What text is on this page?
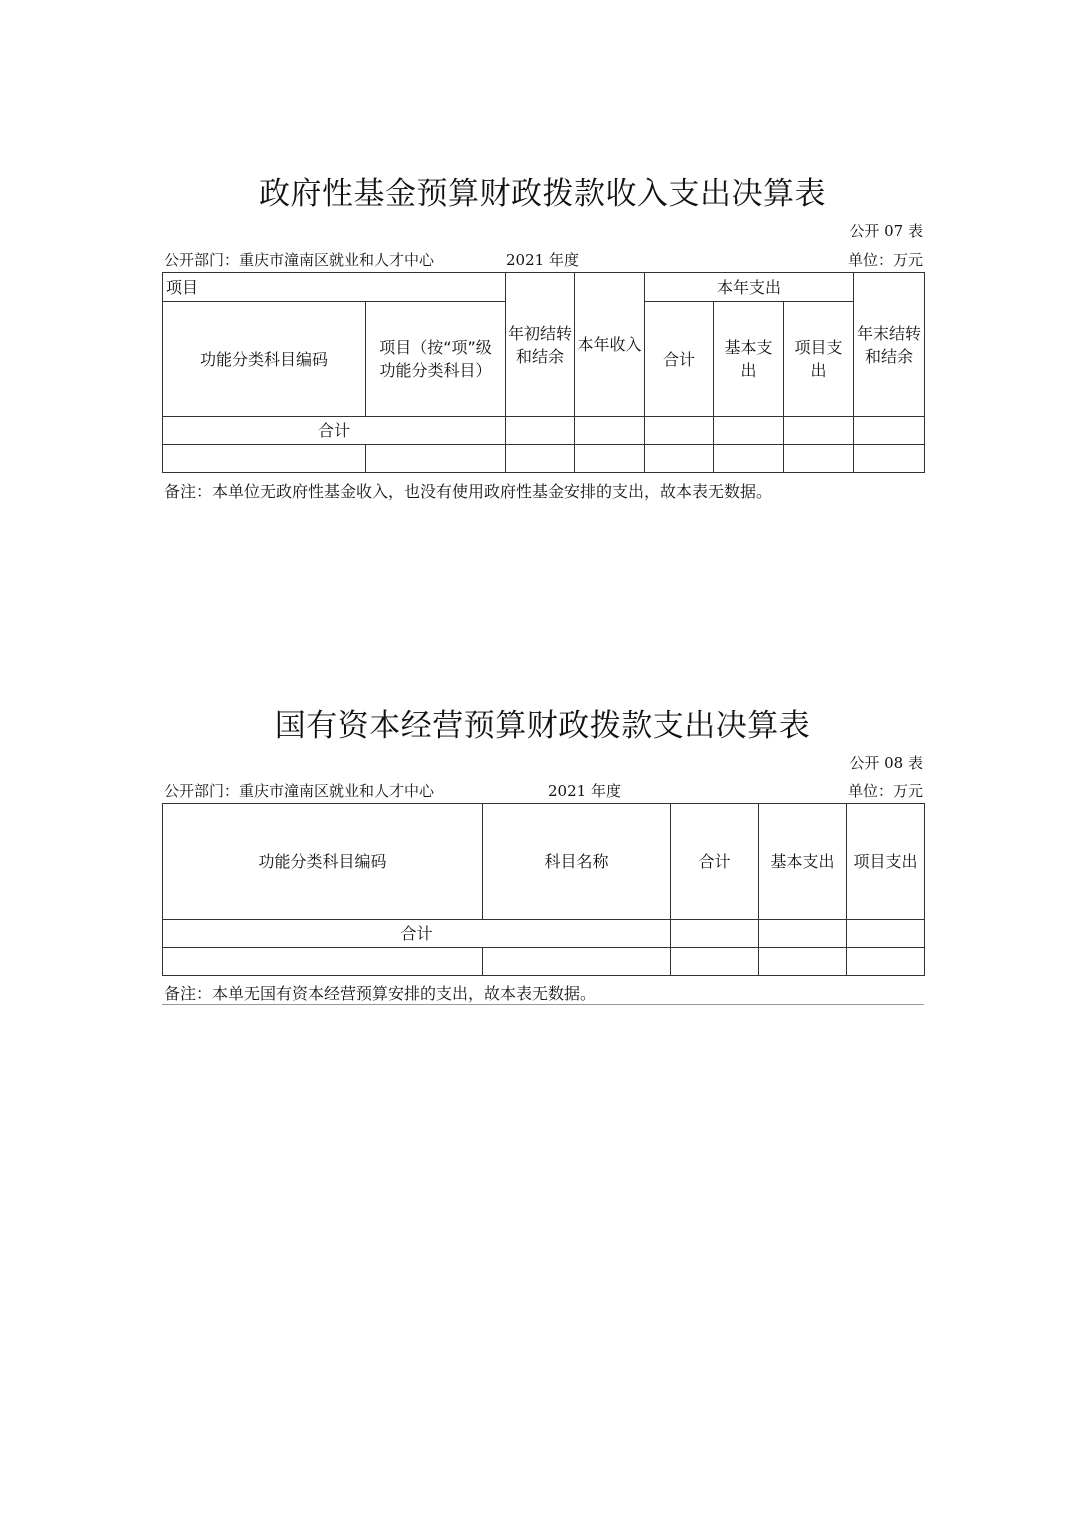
政府性基金预算财政拨款收入支出决算表
公开 07 表
公开部门：重庆市潼南区就业和人才中心	2021 年度	单位：万元
项目		年初结转和结余	本年收入	本年支出			年末结转和结余
功能分类科目编码	项目（按“项”级功能分类科目）			合计	基本支出	项目支出	
合计							

备注：本单位无政府性基金收入，也没有使用政府性基金安排的支出，故本表无数据。
国有资本经营预算财政拨款支出决算表
公开 08 表
公开部门：重庆市潼南区就业和人才中心	2021 年度	单位：万元
功能分类科目编码	科目名称	合计	基本支出	项目支出
合计				

备注：本单无国有资本经营预算安排的支出，故本表无数据。
